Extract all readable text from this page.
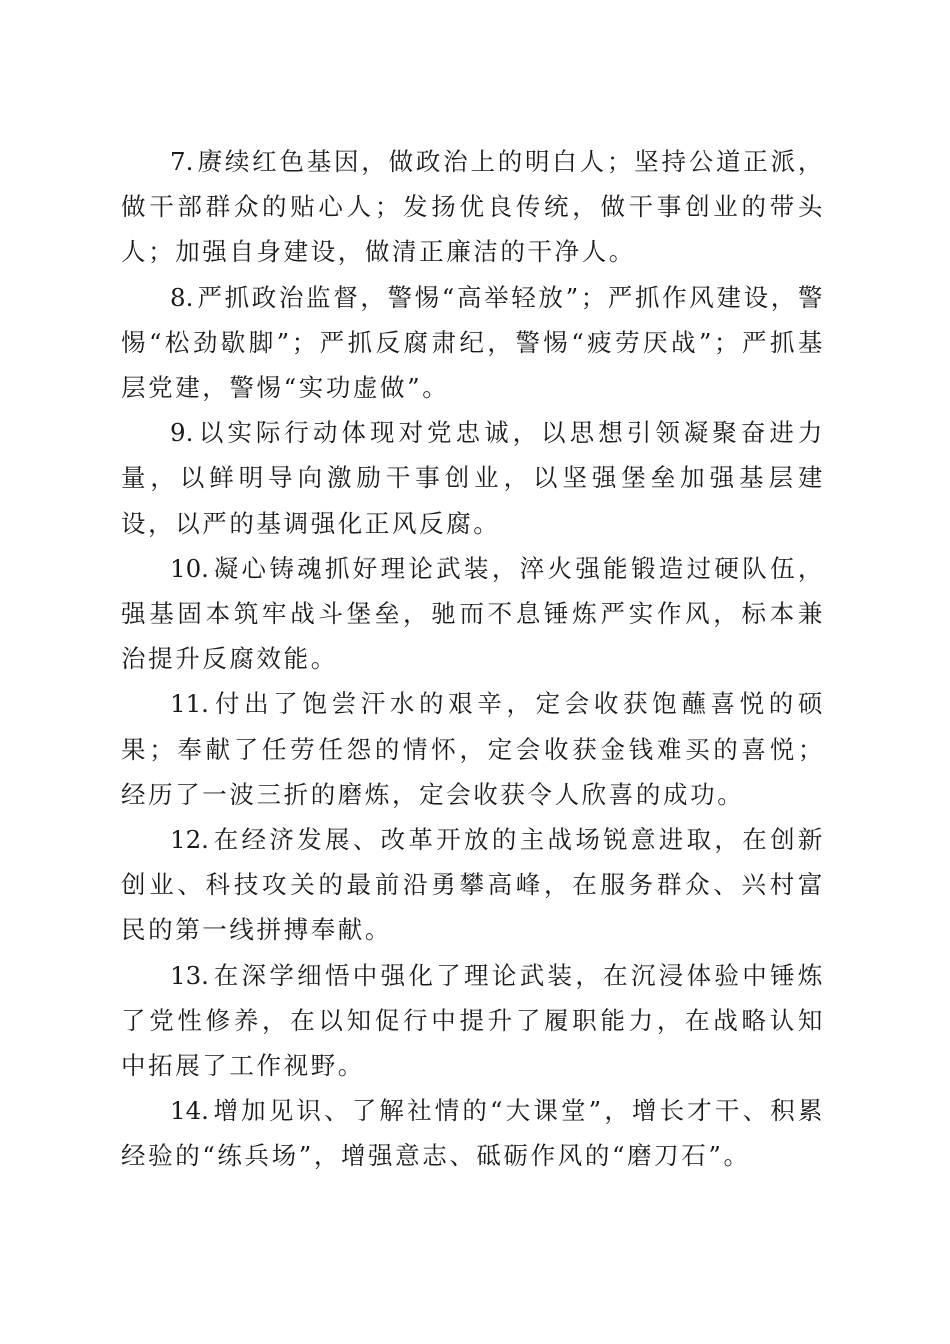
7. 赓续红色基因，做政治上的明白人；坚持公道正派，做干部群众的贴心人；发扬优良传统，做干事创业的带头人；加强自身建设，做清正廉洁的干净人。

8. 严抓政治监督，警惕“高举轻放”；严抓作风建设，警惕“松劲歇脚”；严抓反腐肃纪，警惕“疲劳厌战”；严抓基层党建，警惕“实功虚做”。

9. 以实际行动体现对党忠诚，以思想引领凝聚奋进力量，以鲜明导向激励干事创业，以坚强堡垒加强基层建设，以严的基调强化正风反腐。

10. 凝心铸魂抓好理论武装，淬火强能锻造过硬队伍，强基固本筑牢战斗堡垒，驰而不息锤炼严实作风，标本兼治提升反腐效能。

11. 付出了饱尝汗水的艰辛，定会收获饱蘸喜悦的硕果；奉献了任劳任怨的情怀，定会收获金钱难买的喜悦；经历了一波三折的磨炼，定会收获令人欣喜的成功。

12. 在经济发展、改革开放的主战场锐意进取，在创新创业、科技攻关的最前沿勇攀高峰，在服务群众、兴村富民的第一线拼搏奉献。

13. 在深学细悟中强化了理论武装，在沉浸体验中锤炼了党性修养，在以知促行中提升了履职能力，在战略认知中拓展了工作视野。

14. 增加见识、了解社情的“大课堂”，增长才干、积累经验的“练兵场”，增强意志、砥砺作风的“磨刀石”。
